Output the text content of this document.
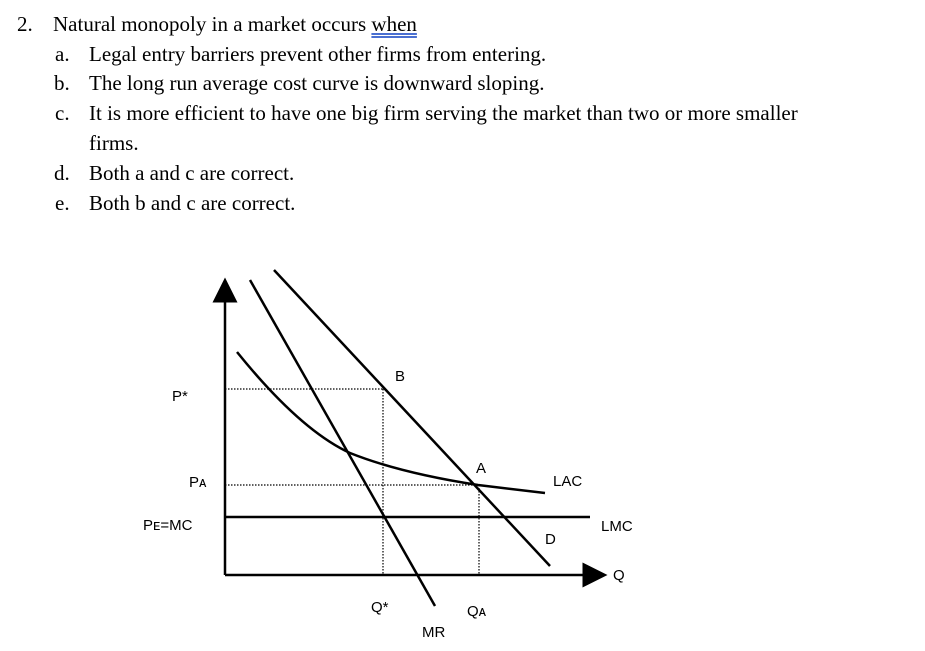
2. Natural monopoly in a market occurs when
a. Legal entry barriers prevent other firms from entering.
b. The long run average cost curve is downward sloping.
c. It is more efficient to have one big firm serving the market than two or more smaller
firms.
d. Both a and c are correct.
e. Both b and c are correct.
P*
Pᴀ
Pᴇ=MC
B
A
LAC
LMC
D
Q
Q*	Qᴀ
MR
